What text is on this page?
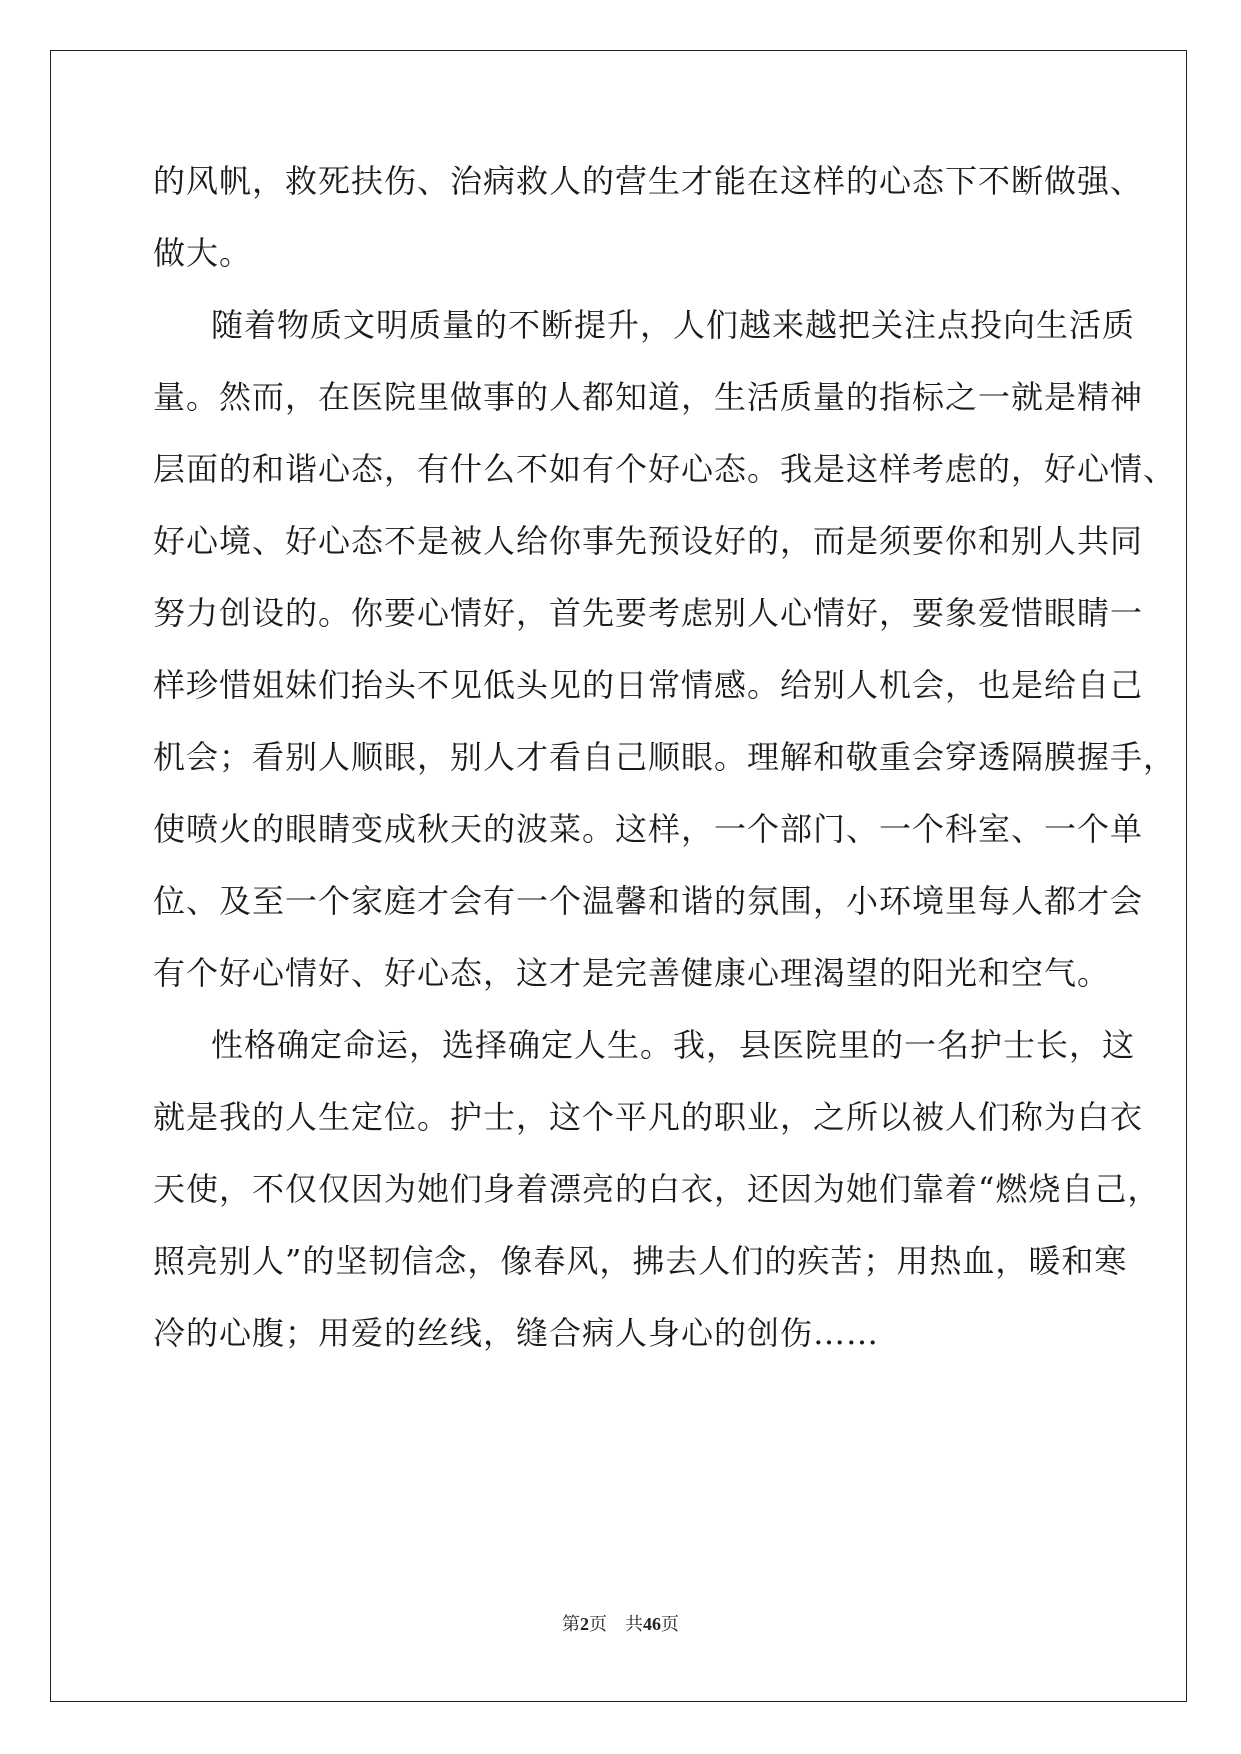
的风帆，救死扶伤、治病救人的营生才能在这样的心态下不断做强、
做大。
随着物质文明质量的不断提升，人们越来越把关注点投向生活质
量。然而，在医院里做事的人都知道，生活质量的指标之一就是精神
层面的和谐心态，有什么不如有个好心态。我是这样考虑的，好心情、
好心境、好心态不是被人给你事先预设好的，而是须要你和别人共同
努力创设的。你要心情好，首先要考虑别人心情好，要象爱惜眼睛一
样珍惜姐妹们抬头不见低头见的日常情感。给别人机会，也是给自己
机会；看别人顺眼，别人才看自己顺眼。理解和敬重会穿透隔膜握手，
使喷火的眼睛变成秋天的波菜。这样，一个部门、一个科室、一个单
位、及至一个家庭才会有一个温馨和谐的氛围，小环境里每人都才会
有个好心情好、好心态，这才是完善健康心理渴望的阳光和空气。
性格确定命运，选择确定人生。我，县医院里的一名护士长，这
就是我的人生定位。护士，这个平凡的职业，之所以被人们称为白衣
天使，不仅仅因为她们身着漂亮的白衣，还因为她们靠着“燃烧自己，
照亮别人”的坚韧信念，像春风，拂去人们的疾苦；用热血，暖和寒
冷的心腹；用爱的丝线，缝合病人身心的创伤……
第2页　共46页
